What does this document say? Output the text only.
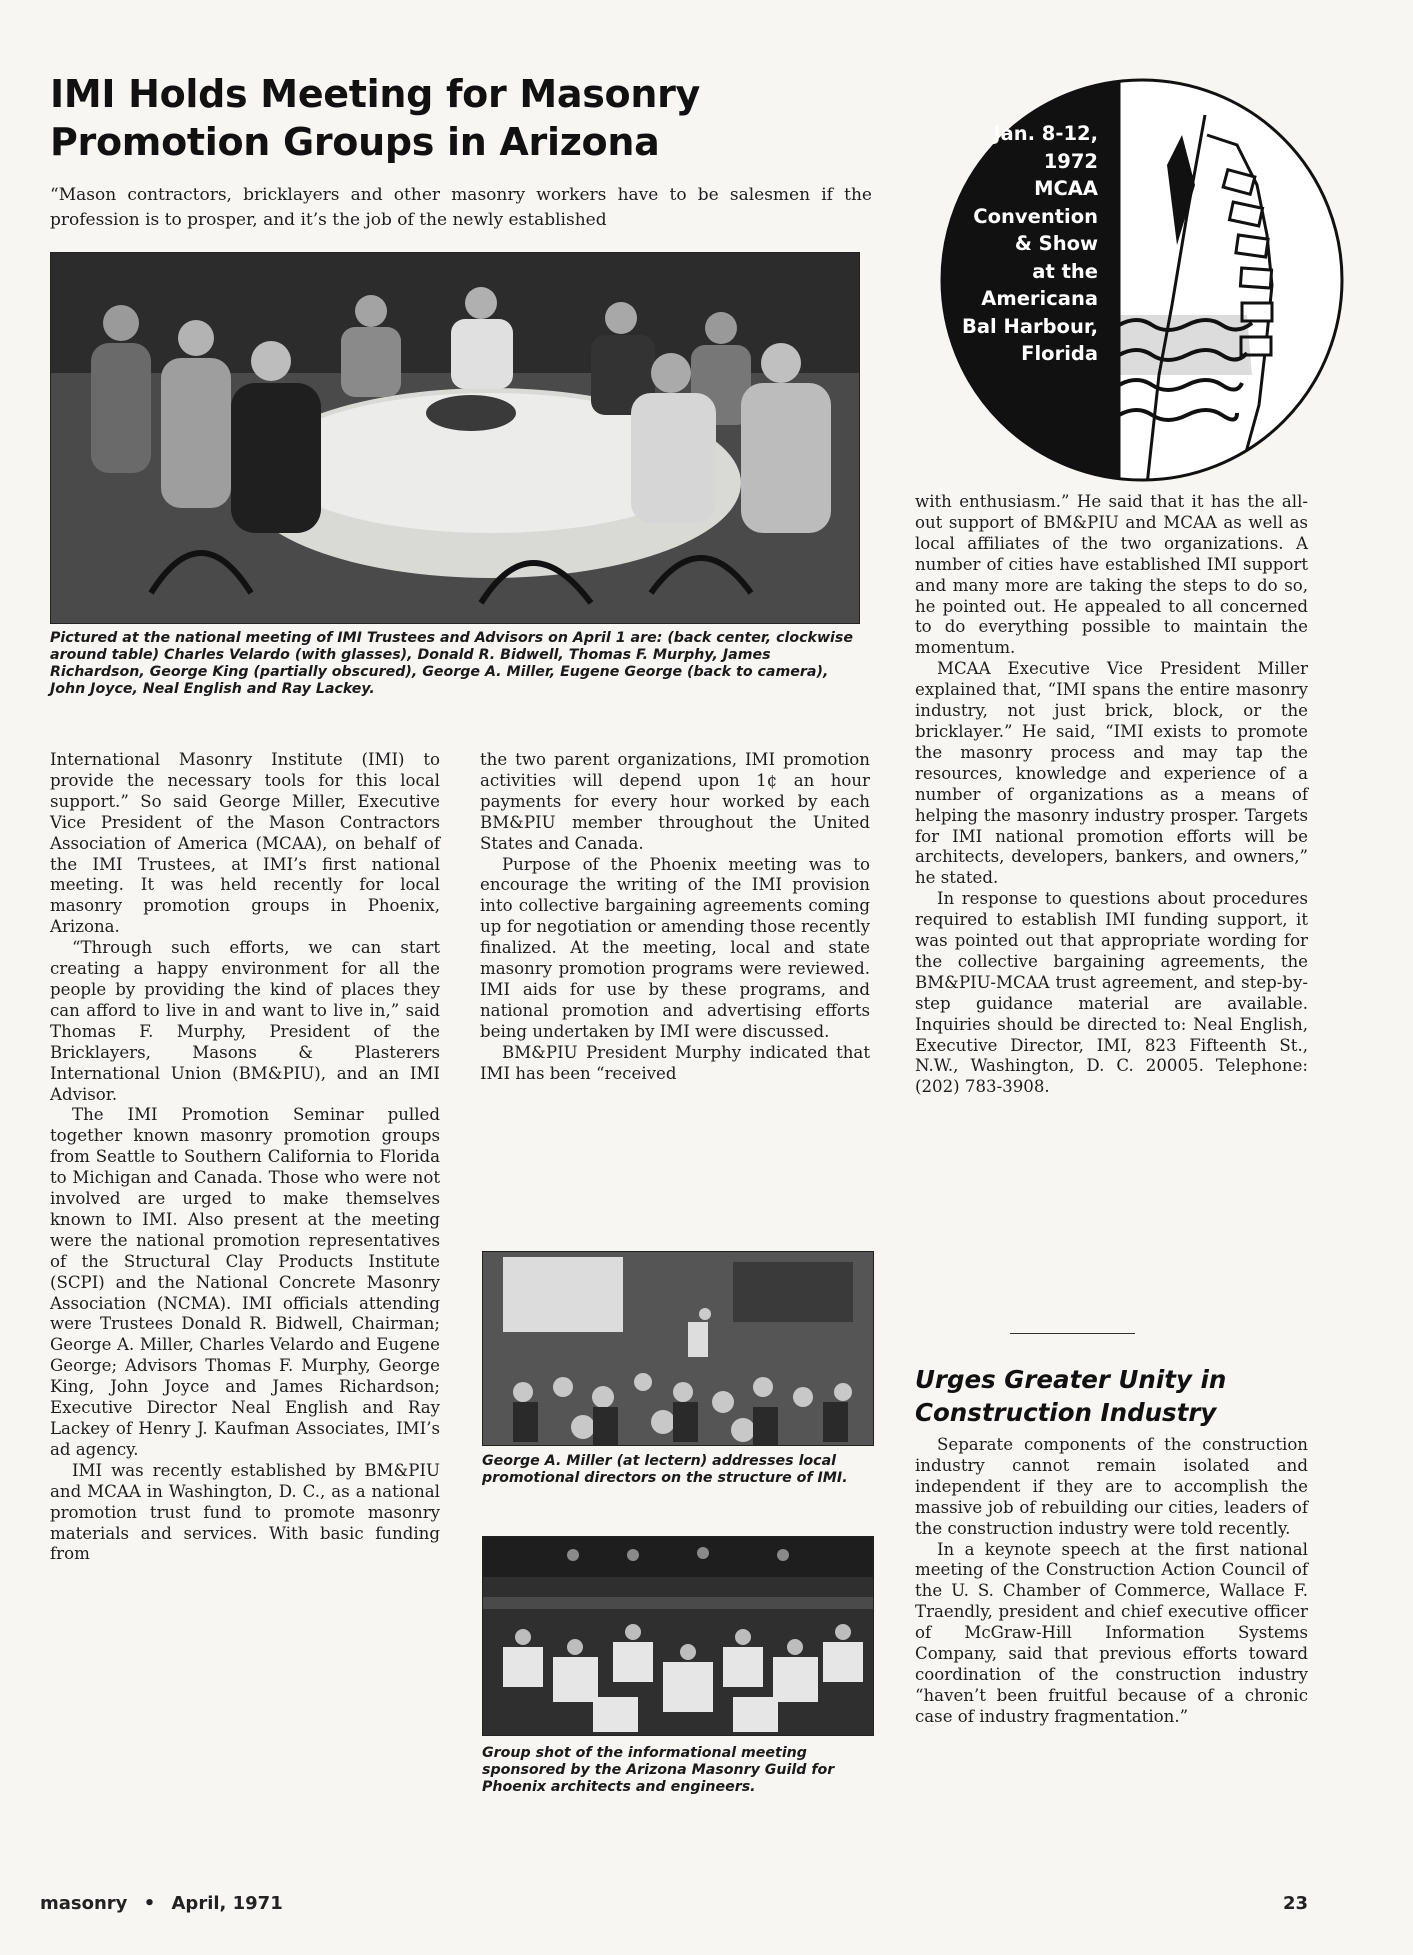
IMI Holds Meeting for Masonry
Promotion Groups in Arizona
“Mason contractors, bricklayers and other masonry workers have to be salesmen if the profession is to prosper, and it’s the job of the newly established
Jan. 8-12,
1972
MCAA
Convention
& Show
at the
Americana
Bal Harbour,
Florida
Pictured at the national meeting of IMI Trustees and Advisors on April 1 are: (back center, clockwise around table) Charles Velardo (with glasses), Donald R. Bidwell, Thomas F. Murphy, James Richardson, George King (partially obscured), George A. Miller, Eugene George (back to camera), John Joyce, Neal English and Ray Lackey.

International Masonry Institute (IMI) to provide the necessary tools for this local support.” So said George Miller, Executive Vice President of the Mason Contractors Association of America (MCAA), on behalf of the IMI Trustees, at IMI’s first national meeting. It was held recently for local masonry promotion groups in Phoenix, Arizona.

“Through such efforts, we can start creating a happy environment for all the people by providing the kind of places they can afford to live in and want to live in,” said Thomas F. Murphy, President of the Bricklayers, Masons & Plasterers International Union (BM&PIU), and an IMI Advisor.

The IMI Promotion Seminar pulled together known masonry promotion groups from Seattle to Southern California to Florida to Michigan and Canada. Those who were not involved are urged to make themselves known to IMI. Also present at the meeting were the national promotion representatives of the Structural Clay Products Institute (SCPI) and the National Concrete Masonry Association (NCMA). IMI officials attending were Trustees Donald R. Bidwell, Chairman; George A. Miller, Charles Velardo and Eugene George; Advisors Thomas F. Murphy, George King, John Joyce and James Richardson; Executive Director Neal English and Ray Lackey of Henry J. Kaufman Associates, IMI’s ad agency.

IMI was recently established by BM&PIU and MCAA in Washington, D. C., as a national promotion trust fund to promote masonry materials and services. With basic funding from

the two parent organizations, IMI promotion activities will depend upon 1¢ an hour payments for every hour worked by each BM&PIU member throughout the United States and Canada.

Purpose of the Phoenix meeting was to encourage the writing of the IMI provision into collective bargaining agreements coming up for negotiation or amending those recently finalized. At the meeting, local and state masonry promotion programs were reviewed. IMI aids for use by these programs, and national promotion and advertising efforts being undertaken by IMI were discussed.

BM&PIU President Murphy indicated that IMI has been “received

George A. Miller (at lectern) addresses local promotional directors on the structure of IMI.
Group shot of the informational meeting sponsored by the Arizona Masonry Guild for Phoenix architects and engineers.

with enthusiasm.” He said that it has the all-out support of BM&PIU and MCAA as well as local affiliates of the two organizations. A number of cities have established IMI support and many more are taking the steps to do so, he pointed out. He appealed to all concerned to do everything possible to maintain the momentum.

MCAA Executive Vice President Miller explained that, “IMI spans the entire masonry industry, not just brick, block, or the bricklayer.” He said, “IMI exists to promote the masonry process and may tap the resources, knowledge and experience of a number of organizations as a means of helping the masonry industry prosper. Targets for IMI national promotion efforts will be architects, developers, bankers, and owners,” he stated.

In response to questions about procedures required to establish IMI funding support, it was pointed out that appropriate wording for the collective bargaining agreements, the BM&PIU-MCAA trust agreement, and step-by-step guidance material are available. Inquiries should be directed to: Neal English, Executive Director, IMI, 823 Fifteenth St., N.W., Washington, D. C. 20005. Telephone: (202) 783-3908.

Urges Greater Unity in
Construction Industry

Separate components of the construction industry cannot remain isolated and independent if they are to accomplish the massive job of rebuilding our cities, leaders of the construction industry were told recently.

In a keynote speech at the first national meeting of the Construction Action Council of the U. S. Chamber of Commerce, Wallace F. Traendly, president and chief executive officer of McGraw-Hill Information Systems Company, said that previous efforts toward coordination of the construction industry “haven’t been fruitful because of a chronic case of industry fragmentation.”

masonry • April, 1971	23
